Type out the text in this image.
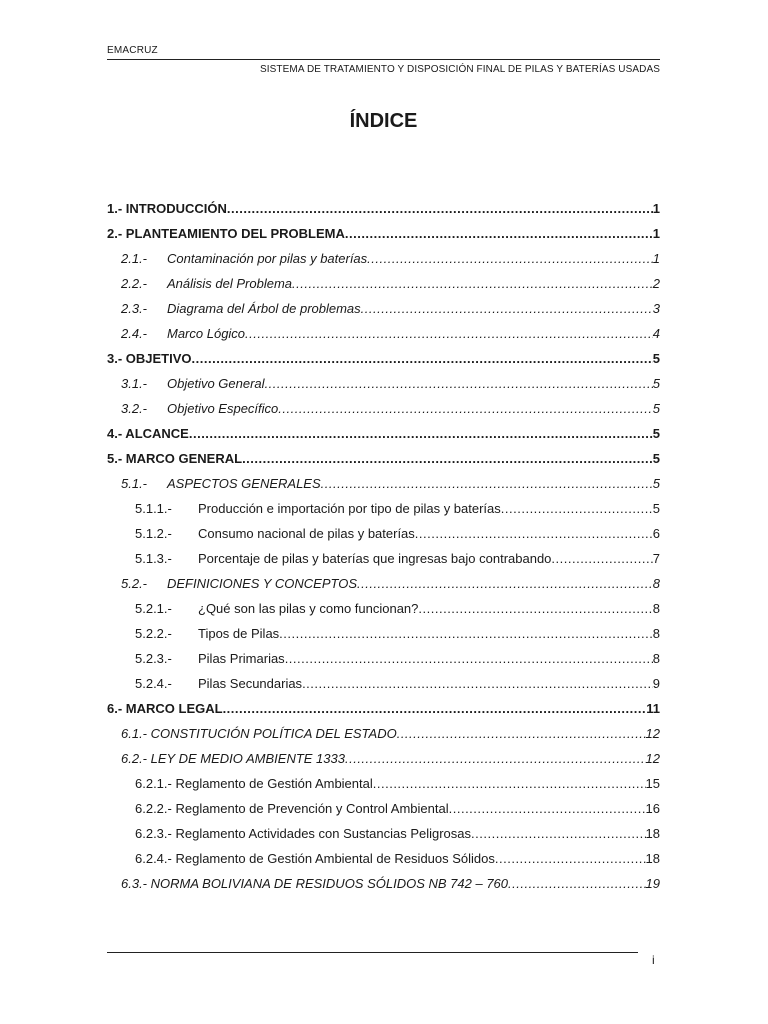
EMACRUZ
SISTEMA DE TRATAMIENTO Y DISPOSICIÓN FINAL DE PILAS Y BATERÍAS USADAS
ÍNDICE
1.- INTRODUCCIÓN .....	1
2.- PLANTEAMIENTO DEL PROBLEMA .....	1
2.1.-	Contaminación por pilas y baterías .....	1
2.2.-	Análisis del Problema .....	2
2.3.-	Diagrama del Árbol de problemas .....	3
2.4.-	Marco Lógico .....	4
3.- OBJETIVO .....	5
3.1.-	Objetivo General .....	5
3.2.-	Objetivo Específico .....	5
4.- ALCANCE .....	5
5.- MARCO GENERAL .....	5
5.1.-	ASPECTOS GENERALES .....	5
5.1.1.-	Producción e importación por tipo de pilas y baterías .....	5
5.1.2.-	Consumo nacional de pilas y baterías .....	6
5.1.3.-	Porcentaje de pilas y baterías que ingresas bajo contrabando .....	7
5.2.-	DEFINICIONES Y CONCEPTOS .....	8
5.2.1.-	¿Qué son las pilas y como funcionan? .....	8
5.2.2.-	Tipos de Pilas .....	8
5.2.3.-	Pilas Primarias .....	8
5.2.4.-	Pilas Secundarias .....	9
6.- MARCO LEGAL .....	11
6.1.- CONSTITUCIÓN POLÍTICA DEL ESTADO .....	12
6.2.- LEY DE MEDIO AMBIENTE 1333 .....	12
6.2.1.- Reglamento de Gestión Ambiental .....	15
6.2.2.- Reglamento de Prevención y Control Ambiental .....	16
6.2.3.- Reglamento Actividades con Sustancias Peligrosas .....	18
6.2.4.- Reglamento de Gestión Ambiental de Residuos Sólidos .....	18
6.3.- NORMA BOLIVIANA DE RESIDUOS SÓLIDOS NB 742 – 760 .....	19
i
